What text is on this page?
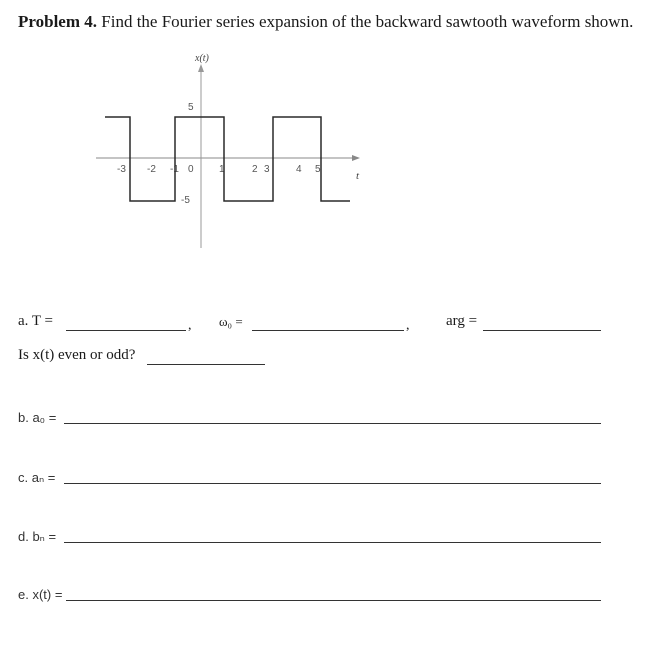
Problem 4. Find the Fourier series expansion of the backward sawtooth waveform shown.
x(t)
t
5
-5
-3 -2 -1 0	1	2 3	4 5
a. T =	, ω₀ =	, arg =
Is x(t) even or odd?
b. a₀ =
c. aₙ =
d. bₙ =
e. x(t) =
